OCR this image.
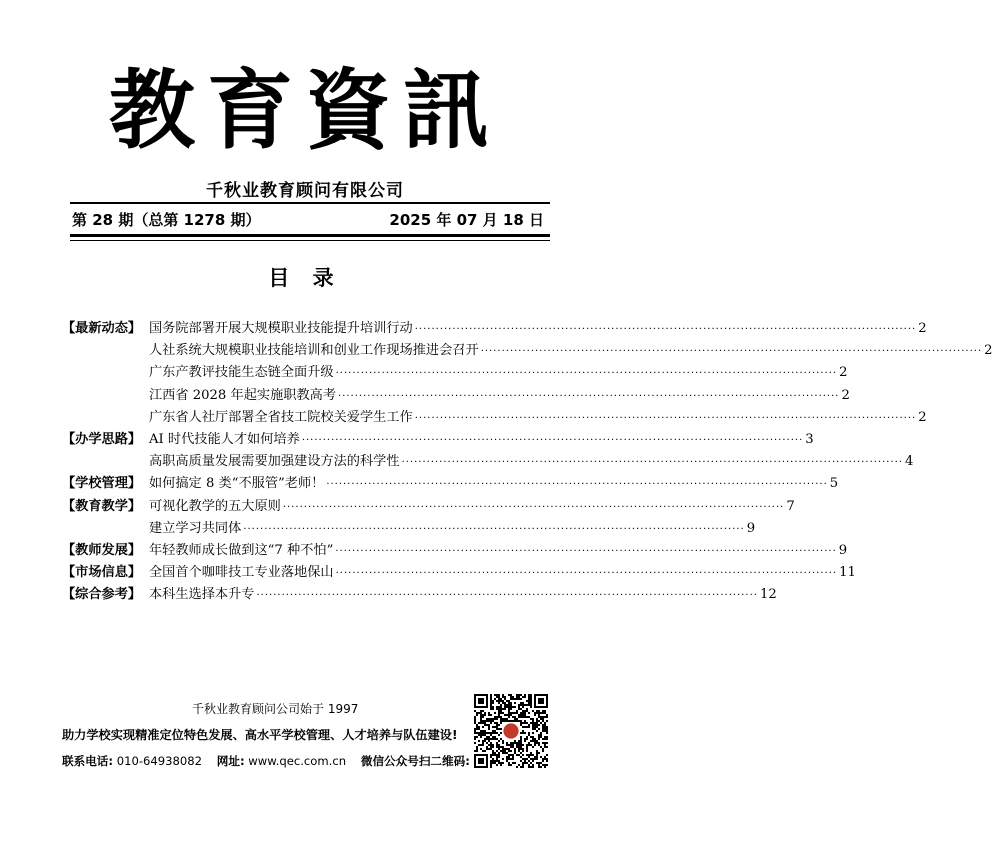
教育資訊
千秋业教育顾问有限公司
第 28 期（总第 1278 期）	2025 年 07 月 18 日
目 录
【最新动态】 国务院部署开展大规模职业技能提升培训行动 ························································································································ 2
人社系统大规模职业技能培训和创业工作现场推进会召开 ························································································································ 2
广东产教评技能生态链全面升级 ························································································································ 2
江西省 2028 年起实施职教高考 ························································································································ 2
广东省人社厅部署全省技工院校关爱学生工作 ························································································································ 2
【办学思路】 AI 时代技能人才如何培养 ························································································································ 3
高职高质量发展需要加强建设方法的科学性 ························································································································ 4
【学校管理】 如何搞定 8 类“不服管”老师！ ························································································································ 5
【教育教学】 可视化教学的五大原则 ························································································································ 7
建立学习共同体 ························································································································ 9
【教师发展】 年轻教师成长做到这“7 种不怕” ························································································································ 9
【市场信息】 全国首个咖啡技工专业落地保山 ························································································································ 11
【综合参考】 本科生选择本升专 ························································································································ 12
千秋业教育顾问公司始于 1997
助力学校实现精准定位特色发展、高水平学校管理、人才培养与队伍建设!
联系电话: 010-64938082 网址: www.qec.com.cn 微信公众号扫二维码:
